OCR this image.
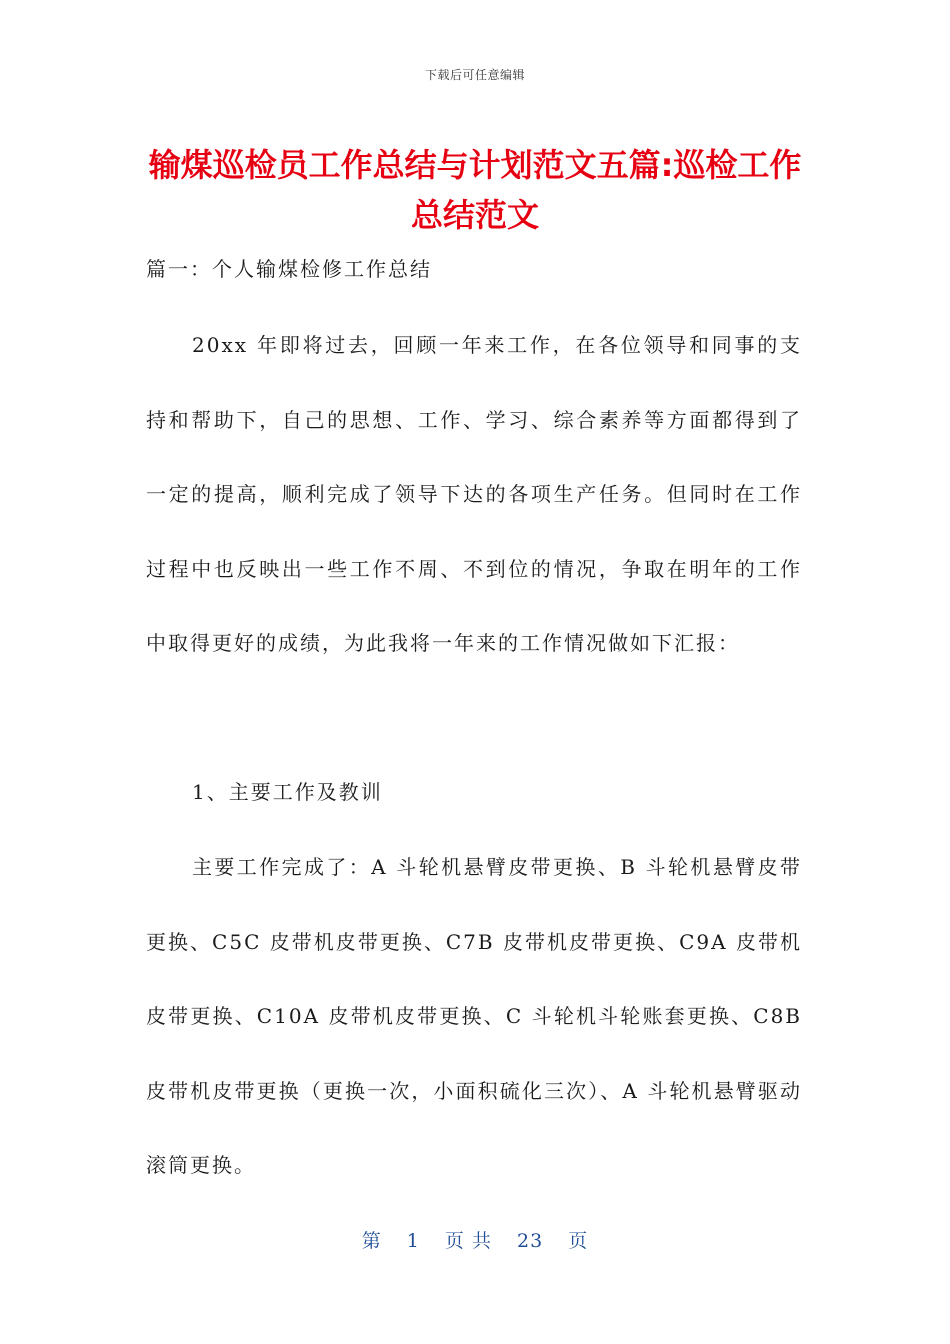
下载后可任意编辑
输煤巡检员工作总结与计划范文五篇:巡检工作总结范文
篇一：个人输煤检修工作总结

20xx 年即将过去，回顾一年来工作，在各位领导和同事的支持和帮助下，自己的思想、工作、学习、综合素养等方面都得到了一定的提高，顺利完成了领导下达的各项生产任务。但同时在工作过程中也反映出一些工作不周、不到位的情况，争取在明年的工作中取得更好的成绩，为此我将一年来的工作情况做如下汇报：

1、主要工作及教训

主要工作完成了：A 斗轮机悬臂皮带更换、B 斗轮机悬臂皮带更换、C5C 皮带机皮带更换、C7B 皮带机皮带更换、C9A 皮带机皮带更换、C10A 皮带机皮带更换、C 斗轮机斗轮账套更换、C8B 皮带机皮带更换（更换一次，小面积硫化三次）、A 斗轮机悬臂驱动滚筒更换。

第 1 页 共 23 页
